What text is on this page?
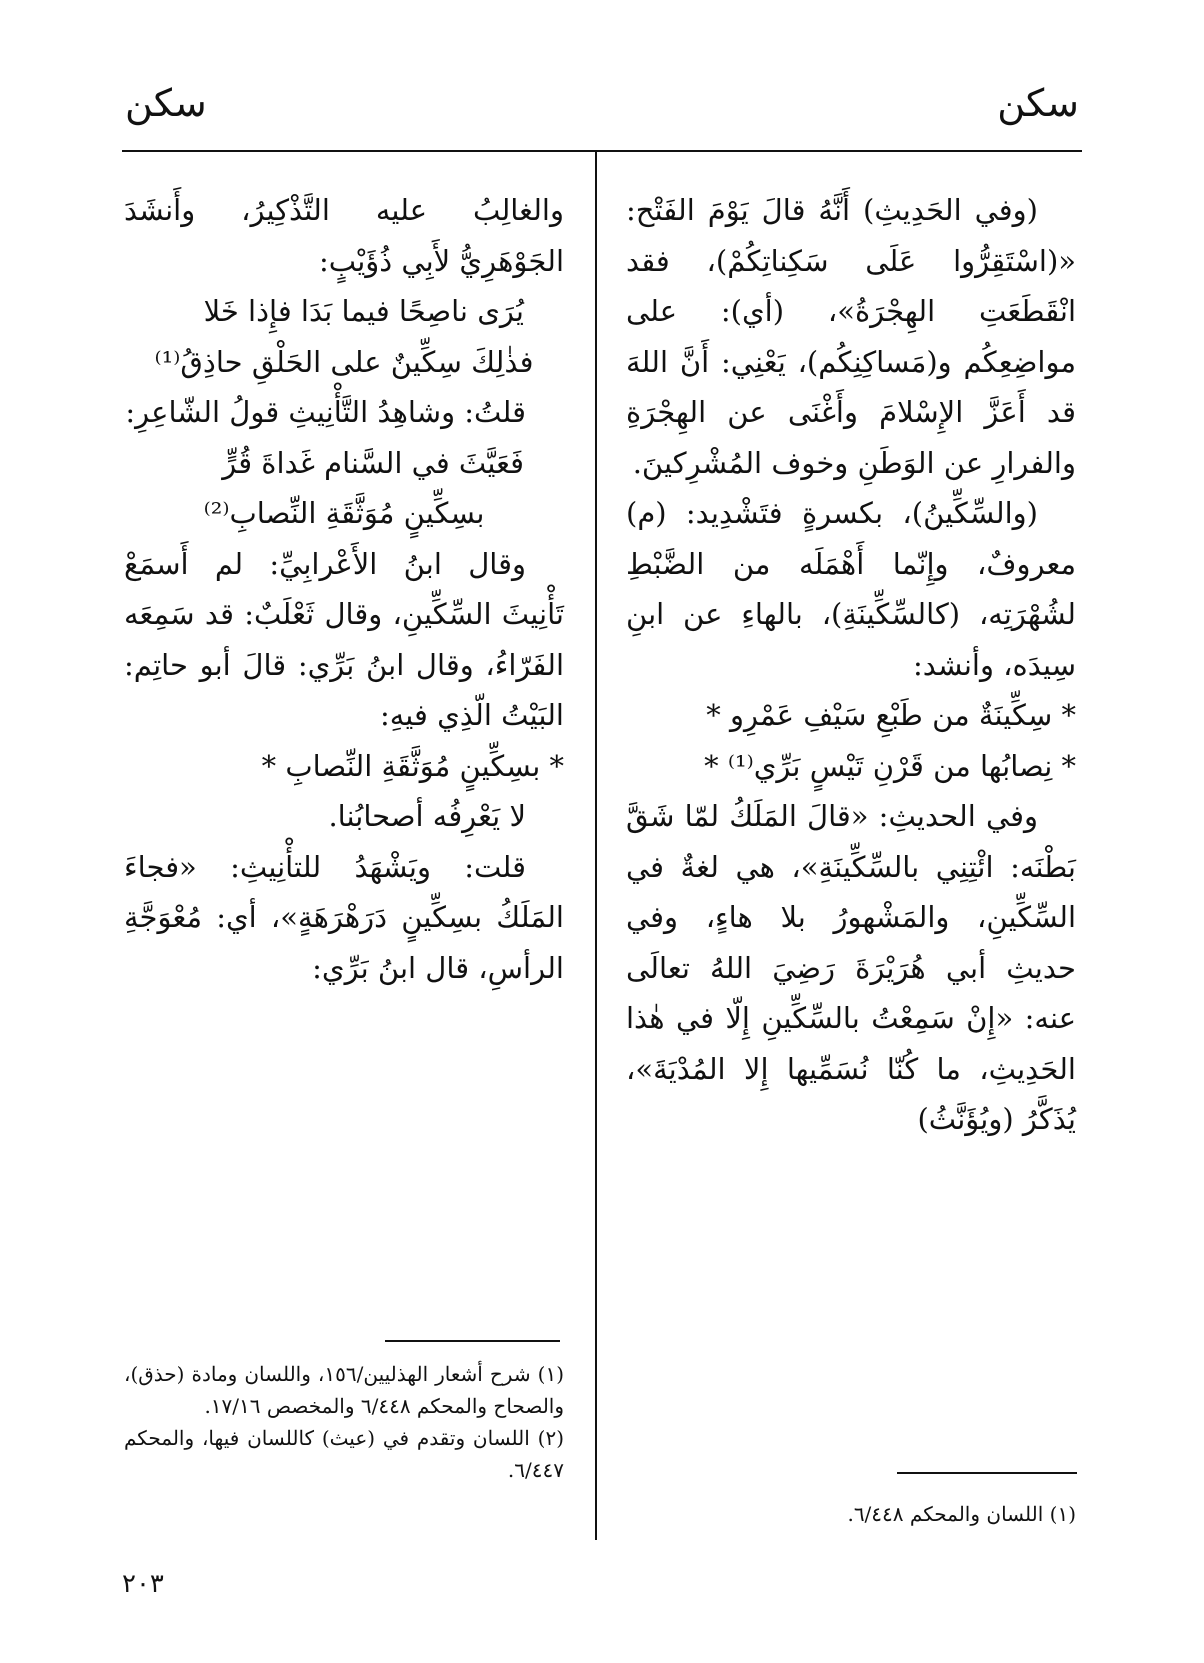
سكن
سكن

(وفي الحَدِيثِ) أَنَّهُ قالَ يَوْمَ الفَتْح: «(اسْتَقِرُّوا عَلَى سَكِناتِكُمْ)، فقد انْقَطَعَتِ الهِجْرَةُ»، (أي): على مواضِعِكُم و(مَساكِنِكُم)، يَعْنِي: أَنَّ اللهَ قد أَعَزَّ الإِسْلامَ وأَغْنَى عن الهِجْرَةِ والفرارِ عن الوَطَنِ وخوف المُشْرِكينَ.

(والسِّكِّينُ)، بكسرةٍ فتَشْدِيد: (م) معروفٌ، وإِنّما أَهْمَلَه من الضَّبْطِ لشُهْرَتِه، (كالسِّكِّينَةِ)، بالهاءِ عن ابنِ سِيدَه، وأنشد:

* سِكِّينَةٌ من طَبْعِ سَيْفِ عَمْرِو *

* نِصابُها من قَرْنِ تَيْسٍ بَرِّي⁽¹⁾ *

وفي الحديثِ: «قالَ المَلَكُ لمّا شَقَّ بَطْنَه: ائْتِنِي بالسِّكِّينَةِ»، هي لغةٌ في السِّكِّينِ، والمَشْهورُ بلا هاءٍ، وفي حديثِ أبي هُرَيْرَةَ رَضِيَ اللهُ تعالَى عنه: «إِنْ سَمِعْتُ بالسِّكِّينِ إِلّا في هٰذا الحَدِيثِ، ما كُنّا نُسَمِّيها إِلا المُدْيَةَ»، يُذَكَّرُ (ويُؤَنَّثُ)

والغالِبُ عليه التَّذْكِيرُ، وأَنشَدَ الجَوْهَرِيُّ لأَبِي ذُؤَيْبٍ:

يُرَى ناصِحًا فيما بَدَا فإِذا خَلا

فذٰلِكَ سِكِّينٌ على الحَلْقِ حاذِقُ⁽¹⁾

قلتُ: وشاهِدُ التَّأْنِيثِ قولُ الشّاعِرِ:

فَعَيَّثَ في السَّنام غَداةَ قُرٍّ

بسِكِّينٍ مُوَثَّقَةِ النِّصابِ⁽²⁾

وقال ابنُ الأَعْرابِيِّ: لم أَسمَعْ تَأْنِيثَ السِّكِّينِ، وقال ثَعْلَبٌ: قد سَمِعَه الفَرّاءُ، وقال ابنُ بَرِّي: قالَ أبو حاتِم: البَيْتُ الّذِي فيهِ:

* بسِكِّينٍ مُوَثَّقَةِ النِّصابِ *

لا يَعْرِفُه أصحابُنا.

قلت: ويَشْهَدُ للتأْنِيثِ: «فجاءَ المَلَكُ بسِكِّينٍ دَرَهْرَهَةٍ»، أي: مُعْوَجَّةِ الرأسِ، قال ابنُ بَرِّي:

(١) شرح أشعار الهذليين/١٥٦، واللسان ومادة (حذق)، والصحاح والمحكم ٦/٤٤٨ والمخصص ١٧/١٦.

(٢) اللسان وتقدم في (عيث) كاللسان فيها، والمحكم ٦/٤٤٧.

(١) اللسان والمحكم ٦/٤٤٨.

٢٠٣
